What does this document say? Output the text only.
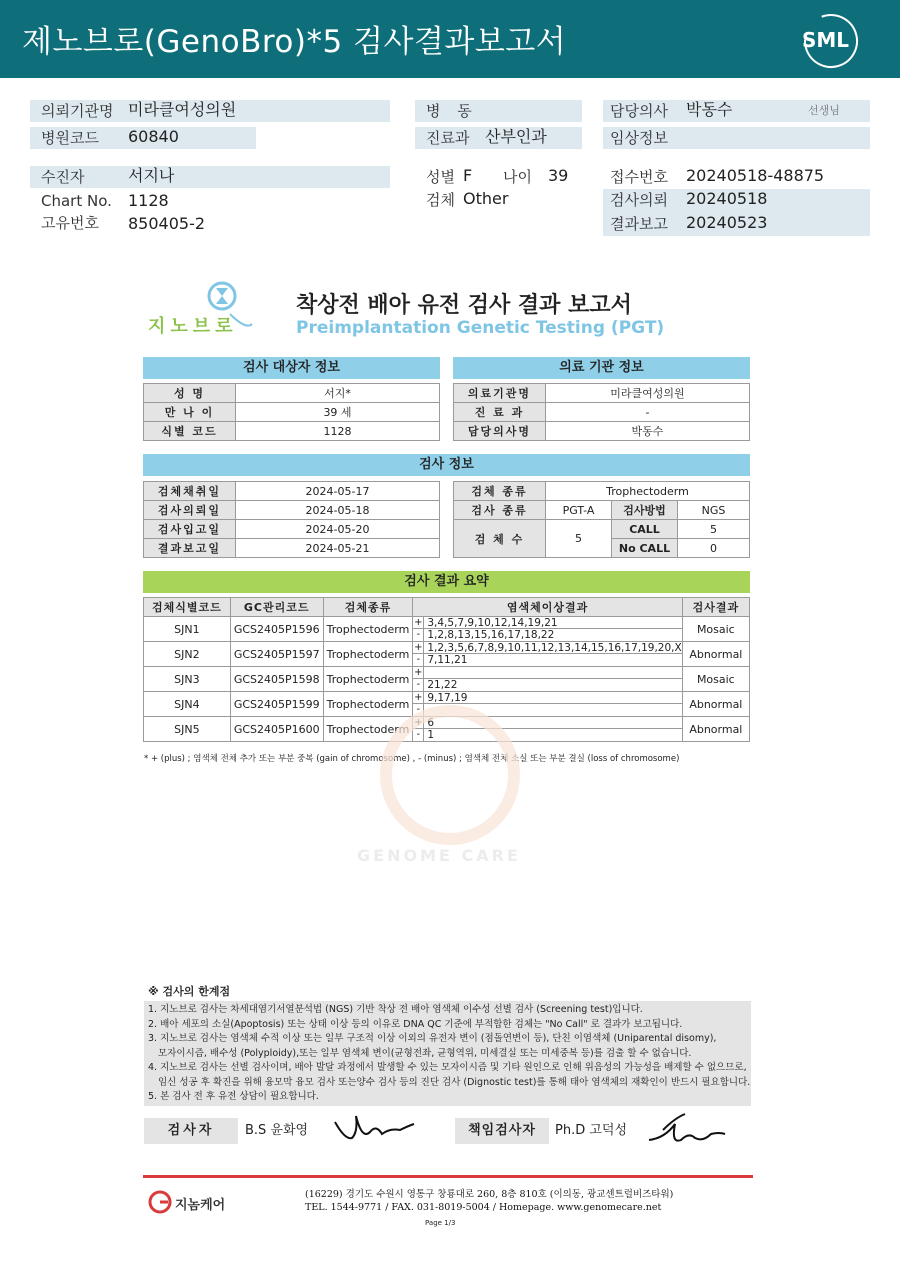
제노브로(GenoBro)*5 검사결과보고서	SML
의뢰기관명 미라클여성의원
병원코드 60840
병 동
진료과 산부인과
담당의사 박동수	선생님
임상정보
수진자	서지나
Chart No. 1128
고유번호 850405-2
성별 F 나이 39
검체 Other
접수번호 20240518-48875
검사의뢰 20240518
결과보고 20240523
지노브로
착상전 배아 유전 검사 결과 보고서
Preimplantation Genetic Testing (PGT)
검사 대상자 정보
성 명	서지*
만 나 이	39 세
식별 코드	1128
의료 기관 정보
의료기관명	미라클여성의원
진 료 과	-
담당의사명	박동수
검사 정보
검체채취일	2024-05-17
검사의뢰일	2024-05-18
검사입고일	2024-05-20
결과보고일	2024-05-21
검체 종류	Trophectoderm		
검사 종류	PGT-A	검사방법	NGS
검 체 수	5	CALL	5
		No CALL	0
검사 결과 요약
검체식별코드	GC관리코드	검체종류	염색체이상결과	검사결과
SJN1	GCS2405P1596	Trophectoderm	+ 3,4,5,7,9,10,12,14,19,21
- 1,2,8,13,15,16,17,18,22	Mosaic
SJN2	GCS2405P1597	Trophectoderm	+ 1,2,3,5,6,7,8,9,10,11,12,13,14,15,16,17,19,20,X
- 7,11,21	Abnormal
SJN3	GCS2405P1598	Trophectoderm	+
- 21,22	Mosaic
SJN4	GCS2405P1599	Trophectoderm	+ 9,17,19
-	Abnormal
SJN5	GCS2405P1600	Trophectoderm	+ 6
- 1	Abnormal
* + (plus) ; 염색체 전체 추가 또는 부분 중복 (gain of chromosome) , - (minus) ; 염색체 전체 소실 또는 부분 결실 (loss of chromosome)
GENOME CARE
※ 검사의 한계점
1. 지노브로 검사는 차세대염기서열분석법 (NGS) 기반 착상 전 배아 염색체 이수성 선별 검사 (Screening test)입니다.
2. 배아 세포의 소실(Apoptosis) 또는 상태 이상 등의 이유로 DNA QC 기준에 부적합한 검체는 "No Call" 로 결과가 보고됩니다.
3. 지노브로 검사는 염색체 수적 이상 또는 일부 구조적 이상 이외의 유전자 변이 (점돌연변이 등), 단친 이염색체 (Uniparental disomy),
모자이시즘, 배수성 (Polyploidy),또는 일부 염색체 변이(균형전좌, 균형역위, 미세결실 또는 미세중복 등)를 검출 할 수 없습니다.
4. 지노브로 검사는 선별 검사이며, 배아 발달 과정에서 발생할 수 있는 모자이시즘 및 기타 원인으로 인해 위음성의 가능성을 배제할 수 없으므로,
임신 성공 후 확진을 위해 융모막 융모 검사 또는양수 검사 등의 진단 검사 (Dignostic test)를 통해 태아 염색체의 재확인이 반드시 필요합니다.
5. 본 검사 전 후 유전 상담이 필요합니다.
검사자	B.S 윤화영	책임검사자	Ph.D 고덕성
지놈케어
(16229) 경기도 수원시 영통구 창룡대로 260, 8층 810호 (이의동, 광교센트럴비즈타워)
TEL. 1544-9771 / FAX. 031-8019-5004 / Homepage. www.genomecare.net
Page 1/3
